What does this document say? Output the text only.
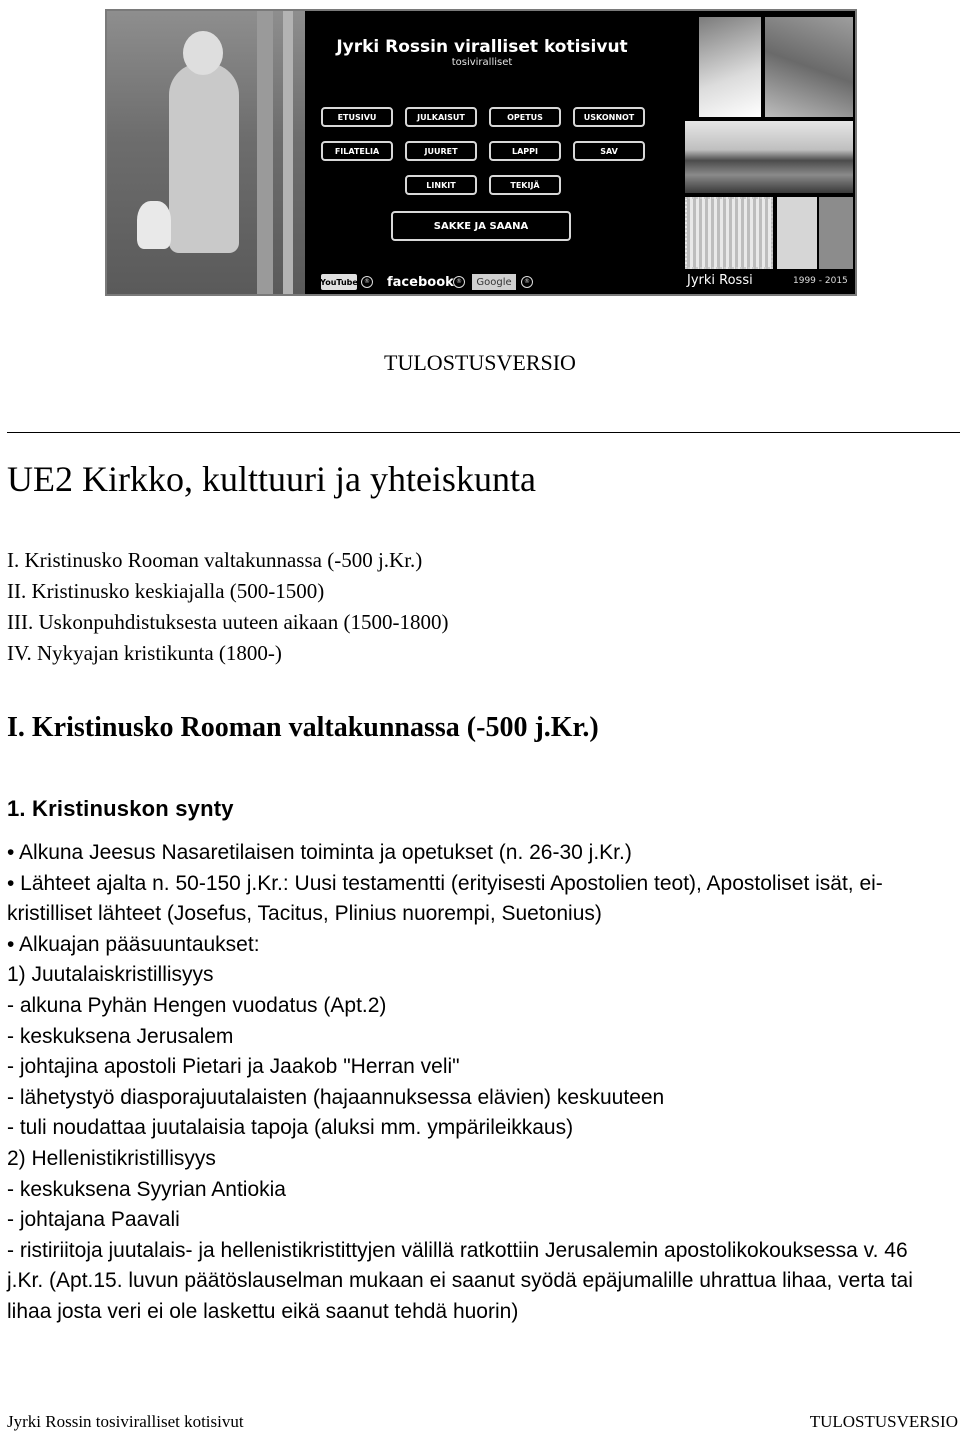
Jyrki Rossin viralliset kotisivut
tosiviralliset
ETUSIVU	JULKAISUT	OPETUS	USKONNOT
FILATELIA	JUURET	LAPPI	SAV
LINKIT	TEKIJÄ
SAKKE JA SAANA
YouTube	® facebook ®	Google	®	Jyrki Rossi	1999 - 2015
TULOSTUSVERSIO
UE2 Kirkko, kulttuuri ja yhteiskunta
I. Kristinusko Rooman valtakunnassa (-500 j.Kr.)
II. Kristinusko keskiajalla (500-1500)
III. Uskonpuhdistuksesta uuteen aikaan (1500-1800)
IV. Nykyajan kristikunta (1800-)
I. Kristinusko Rooman valtakunnassa (-500 j.Kr.)
1. Kristinuskon synty
• Alkuna Jeesus Nasaretilaisen toiminta ja opetukset (n. 26-30 j.Kr.)
• Lähteet ajalta n. 50-150 j.Kr.: Uusi testamentti (erityisesti Apostolien teot), Apostoliset isät, ei-kristilliset lähteet (Josefus, Tacitus, Plinius nuorempi, Suetonius)
• Alkuajan pääsuuntaukset:
1) Juutalaiskristillisyys
- alkuna Pyhän Hengen vuodatus (Apt.2)
- keskuksena Jerusalem
- johtajina apostoli Pietari ja Jaakob "Herran veli"
- lähetystyö diasporajuutalaisten (hajaannuksessa elävien) keskuuteen
- tuli noudattaa juutalaisia tapoja (aluksi mm. ympärileikkaus)
2) Hellenistikristillisyys
- keskuksena Syyrian Antiokia
- johtajana Paavali
- ristiriitoja juutalais- ja hellenistikristittyjen välillä ratkottiin Jerusalemin apostolikokouksessa v. 46 j.Kr. (Apt.15. luvun päätöslauselman mukaan ei saanut syödä epäjumalille uhrattua lihaa, verta tai lihaa josta veri ei ole laskettu eikä saanut tehdä huorin)
Jyrki Rossin tosiviralliset kotisivut	TULOSTUSVERSIO
